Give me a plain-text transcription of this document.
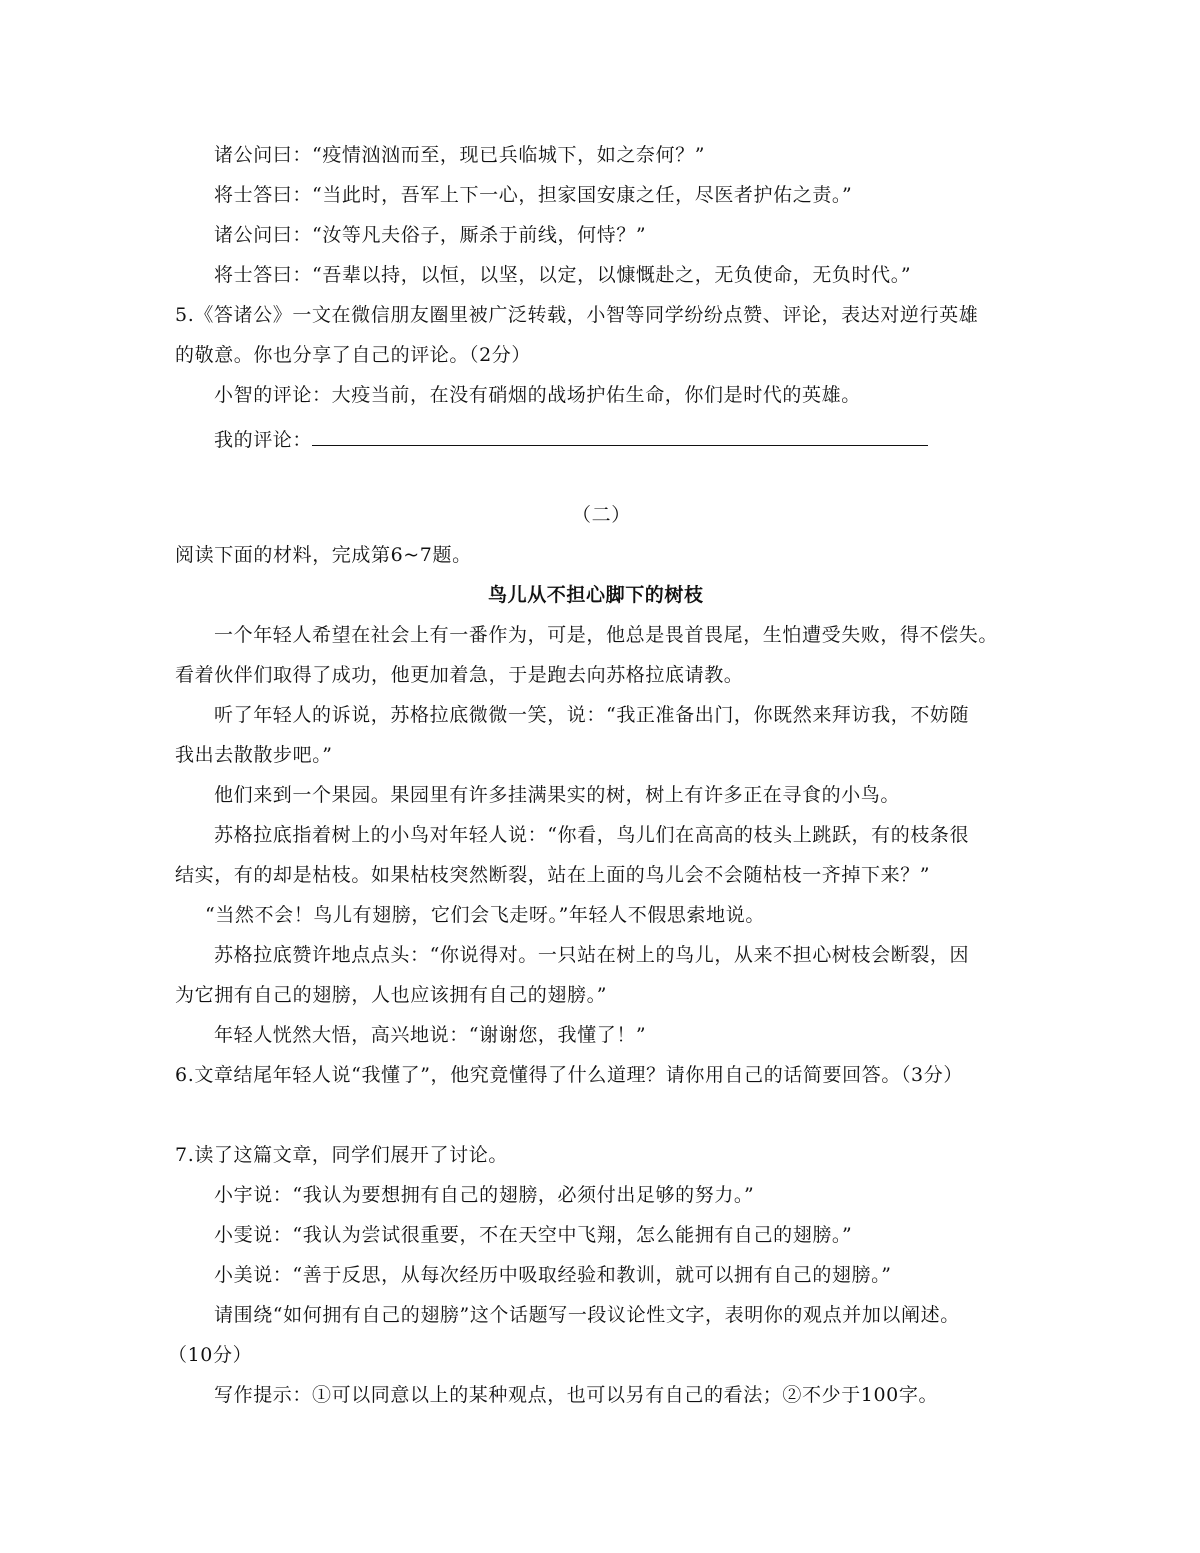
诸公问曰：“疫情汹汹而至，现已兵临城下，如之奈何？”
将士答曰：“当此时，吾军上下一心，担家国安康之任，尽医者护佑之责。”
诸公问曰：“汝等凡夫俗子，厮杀于前线，何恃？”
将士答曰：“吾辈以持，以恒，以坚，以定，以慷慨赴之，无负使命，无负时代。”
5.《答诸公》一文在微信朋友圈里被广泛转载，小智等同学纷纷点赞、评论，表达对逆行英雄
的敬意。你也分享了自己的评论。（2分）
小智的评论：大疫当前，在没有硝烟的战场护佑生命，你们是时代的英雄。
我的评论：
（二）
阅读下面的材料，完成第6~7题。
鸟儿从不担心脚下的树枝
一个年轻人希望在社会上有一番作为，可是，他总是畏首畏尾，生怕遭受失败，得不偿失。
看着伙伴们取得了成功，他更加着急，于是跑去向苏格拉底请教。
听了年轻人的诉说，苏格拉底微微一笑，说：“我正准备出门，你既然来拜访我，不妨随
我出去散散步吧。”
他们来到一个果园。果园里有许多挂满果实的树，树上有许多正在寻食的小鸟。
苏格拉底指着树上的小鸟对年轻人说：“你看，鸟儿们在高高的枝头上跳跃，有的枝条很
结实，有的却是枯枝。如果枯枝突然断裂，站在上面的鸟儿会不会随枯枝一齐掉下来？”
“当然不会！鸟儿有翅膀，它们会飞走呀。”年轻人不假思索地说。
苏格拉底赞许地点点头：“你说得对。一只站在树上的鸟儿，从来不担心树枝会断裂，因
为它拥有自己的翅膀，人也应该拥有自己的翅膀。”
年轻人恍然大悟，高兴地说：“谢谢您，我懂了！”
6.文章结尾年轻人说“我懂了”，他究竟懂得了什么道理？请你用自己的话简要回答。（3分）
7.读了这篇文章，同学们展开了讨论。
小宇说：“我认为要想拥有自己的翅膀，必须付出足够的努力。”
小雯说：“我认为尝试很重要，不在天空中飞翔，怎么能拥有自己的翅膀。”
小美说：“善于反思，从每次经历中吸取经验和教训，就可以拥有自己的翅膀。”
请围绕“如何拥有自己的翅膀”这个话题写一段议论性文字，表明你的观点并加以阐述。
（10分）
写作提示：①可以同意以上的某种观点，也可以另有自己的看法；②不少于100字。
